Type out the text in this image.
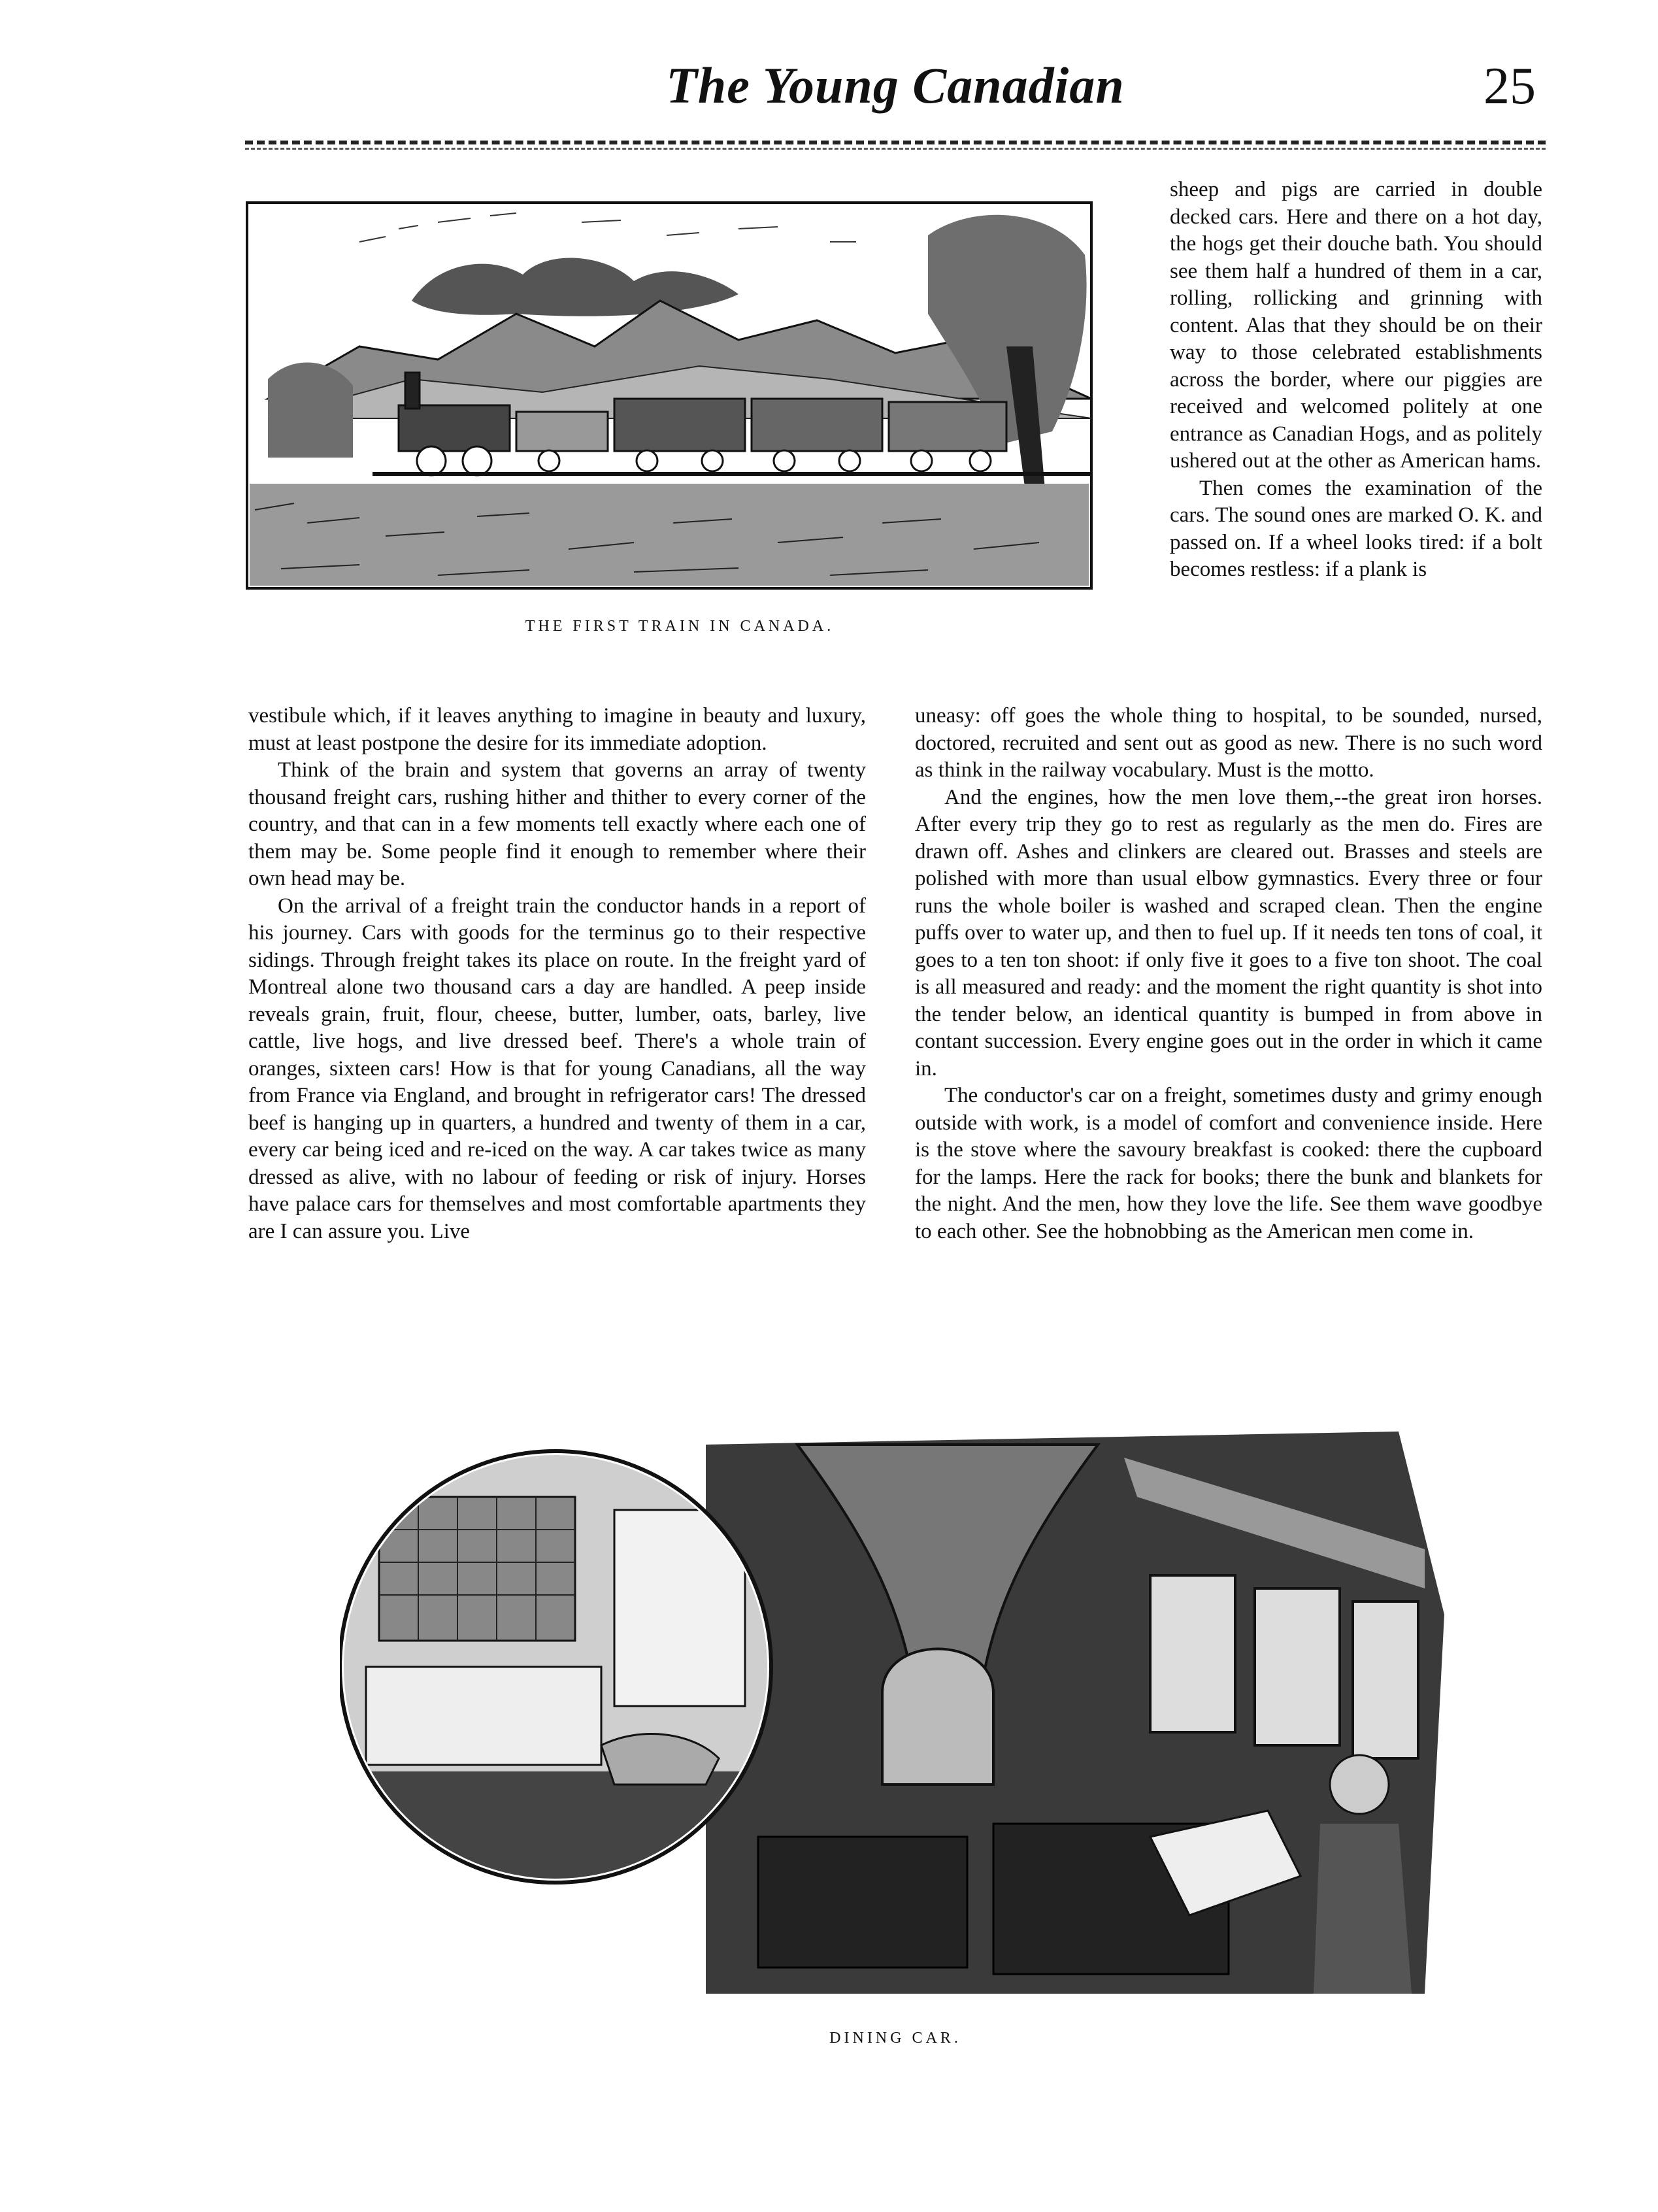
The Young Canadian	25
THE FIRST TRAIN IN CANADA.

sheep and pigs are carried in double decked cars. Here and there on a hot day, the hogs get their douche bath. You should see them half a hundred of them in a car, rolling, rollicking and grinning with content. Alas that they should be on their way to those celebrated establishments across the border, where our piggies are received and welcomed politely at one entrance as Canadian Hogs, and as politely ushered out at the other as American hams.

Then comes the examination of the cars. The sound ones are marked O. K. and passed on. If a wheel looks tired: if a bolt becomes restless: if a plank is

vestibule which, if it leaves anything to imagine in beauty and luxury, must at least postpone the desire for its immediate adoption.

Think of the brain and system that governs an array of twenty thousand freight cars, rushing hither and thither to every corner of the country, and that can in a few moments tell exactly where each one of them may be. Some people find it enough to remember where their own head may be.

On the arrival of a freight train the conductor hands in a report of his journey. Cars with goods for the terminus go to their respective sidings. Through freight takes its place on route. In the freight yard of Montreal alone two thousand cars a day are handled. A peep inside reveals grain, fruit, flour, cheese, butter, lumber, oats, barley, live cattle, live hogs, and live dressed beef. There's a whole train of oranges, sixteen cars! How is that for young Canadians, all the way from France via England, and brought in refrigerator cars! The dressed beef is hanging up in quarters, a hundred and twenty of them in a car, every car being iced and re-iced on the way. A car takes twice as many dressed as alive, with no labour of feeding or risk of injury. Horses have palace cars for themselves and most comfortable apartments they are I can assure you. Live

uneasy: off goes the whole thing to hospital, to be sounded, nursed, doctored, recruited and sent out as good as new. There is no such word as think in the railway vocabulary. Must is the motto.

And the engines, how the men love them,--the great iron horses. After every trip they go to rest as regularly as the men do. Fires are drawn off. Ashes and clinkers are cleared out. Brasses and steels are polished with more than usual elbow gymnastics. Every three or four runs the whole boiler is washed and scraped clean. Then the engine puffs over to water up, and then to fuel up. If it needs ten tons of coal, it goes to a ten ton shoot: if only five it goes to a five ton shoot. The coal is all measured and ready: and the moment the right quantity is shot into the tender below, an identical quantity is bumped in from above in contant succession. Every engine goes out in the order in which it came in.

The conductor's car on a freight, sometimes dusty and grimy enough outside with work, is a model of comfort and convenience inside. Here is the stove where the savoury breakfast is cooked: there the cupboard for the lamps. Here the rack for books; there the bunk and blankets for the night. And the men, how they love the life. See them wave goodbye to each other. See the hobnobbing as the American men come in.

DINING CAR.
